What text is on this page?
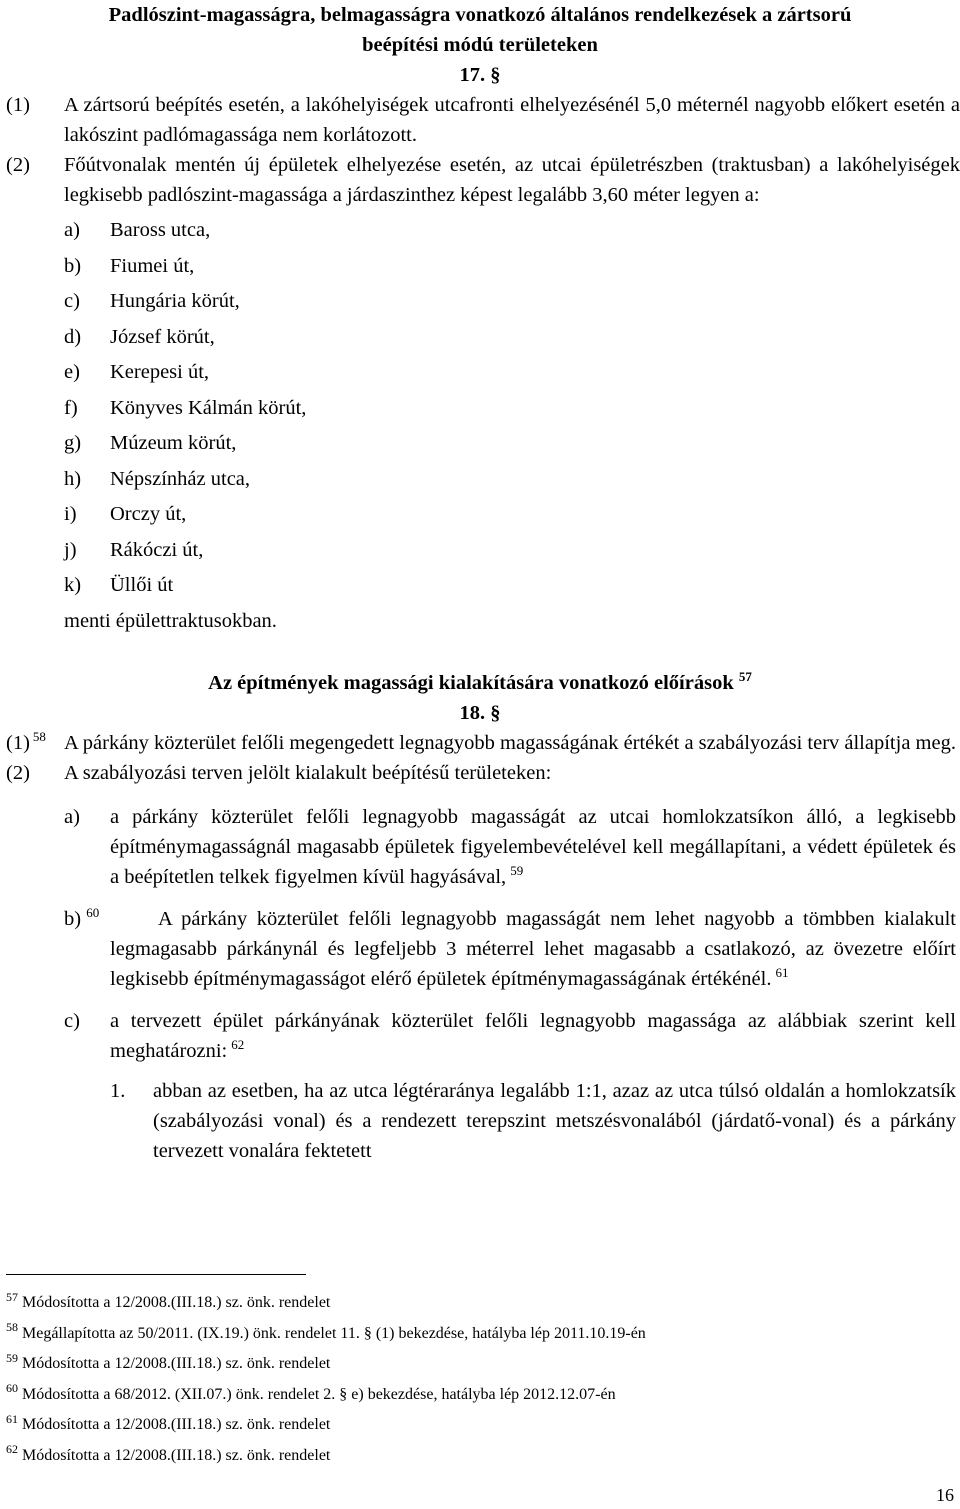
Padlószint-magasságra, belmagasságra vonatkozó általános rendelkezések a zártsorú

beépítési módú területeken

17. §

(1) A zártsorú beépítés esetén, a lakóhelyiségek utcafronti elhelyezésénél 5,0 méternél nagyobb előkert esetén a lakószint padlómagassága nem korlátozott.
(2) Főútvonalak mentén új épületek elhelyezése esetén, az utcai épületrészben (traktusban) a lakóhelyiségek legkisebb padlószint-magassága a járdaszinthez képest legalább 3,60 méter legyen a:
a) Baross utca,
b) Fiumei út,
c) Hungária körút,
d) József körút,
e) Kerepesi út,
f) Könyves Kálmán körút,
g) Múzeum körút,
h) Népszínház utca,
i) Orczy út,
j) Rákóczi út,
k) Üllői út
menti épülettraktusokban.

Az építmények magassági kialakítására vonatkozó előírások $^{57}$

18. §

(1) $^{58}$ A párkány közterület felőli megengedett legnagyobb magasságának értékét a szabályozási terv állapítja meg.
(2) A szabályozási terven jelölt kialakult beépítésű területeken:
a) a párkány közterület felőli legnagyobb magasságát az utcai homlokzatsíkon álló, a legkisebb építménymagasságnál magasabb épületek figyelembevételével kell megállapítani, a védett épületek és a beépítetlen telkek figyelmen kívül hagyásával, $^{59}$
b) $^{60}$	A párkány közterület felőli legnagyobb magasságát nem lehet nagyobb a tömbben kialakult legmagasabb párkánynál és legfeljebb 3 méterrel lehet magasabb a csatlakozó, az övezetre előírt legkisebb építménymagasságot elérő épületek építménymagasságának értékénél. $^{61}$
c) a tervezett épület párkányának közterület felőli legnagyobb magassága az alábbiak szerint kell meghatározni: $^{62}$
1. abban az esetben, ha az utca légtéraránya legalább 1:1, azaz az utca túlsó oldalán a homlokzatsík (szabályozási vonal) és a rendezett terepszint metszésvonalából (járdatő-vonal) és a párkány tervezett vonalára fektetett
$^{57}$ Módosította a 12/2008.(III.18.) sz. önk. rendelet
$^{58}$ Megállapította az 50/2011. (IX.19.) önk. rendelet 11. § (1) bekezdése, hatályba lép 2011.10.19-én
$^{59}$ Módosította a 12/2008.(III.18.) sz. önk. rendelet
$^{60}$ Módosította a 68/2012. (XII.07.) önk. rendelet 2. § e) bekezdése, hatályba lép 2012.12.07-én
$^{61}$ Módosította a 12/2008.(III.18.) sz. önk. rendelet
$^{62}$ Módosította a 12/2008.(III.18.) sz. önk. rendelet
16
